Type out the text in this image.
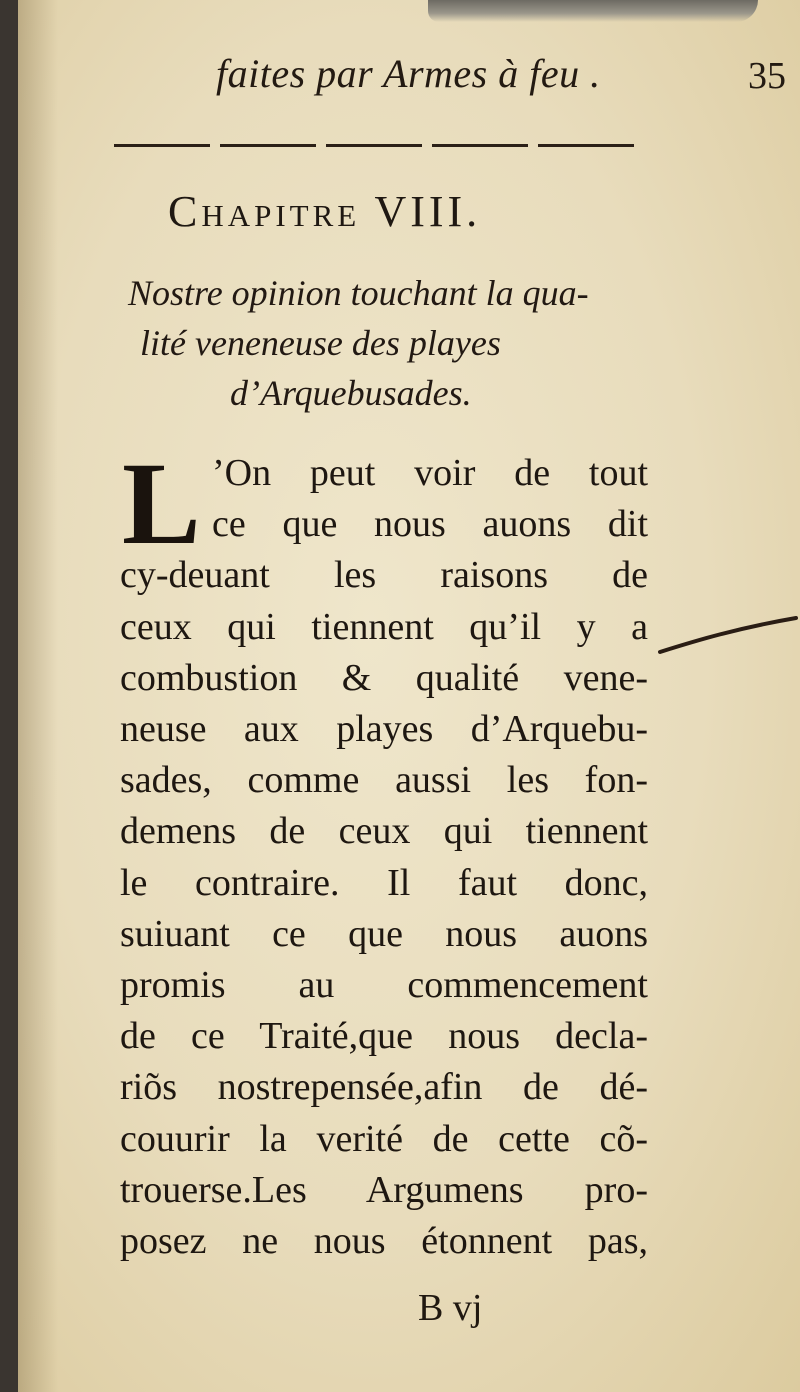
faites par Armes à feu .	35
Chapitre VIII.
Nostre opinion touchant la qua-
lité veneneuse des playes
d’Arquebusades.
L ’On peut voir de tout
ce que nous auons dit
cy-deuant les raisons de
ceux qui tiennent qu’il y a
combustion & qualité vene-
neuse aux playes d’Arquebu-
sades, comme aussi les fon-
demens de ceux qui tiennent
le contraire. Il faut donc,
suiuant ce que nous auons
promis au commencement
de ce Traité,que nous decla-
riõs nostrepensée,afin de dé-
couurir la verité de cette cõ-
trouerse.Les Argumens pro-
posez ne nous étonnent pas,
B vj
